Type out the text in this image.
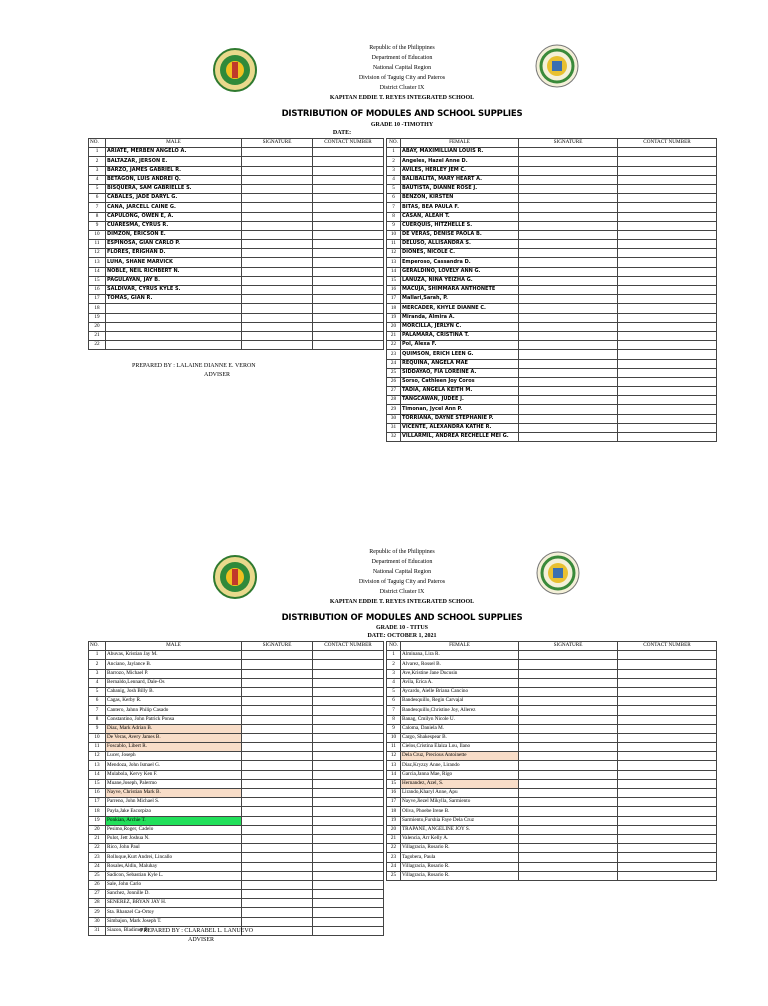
Republic of the Philippines
Department of Education
National Capital Region
Division of Taguig City and Pateros
District Cluster IX
KAPITAN EDDIE T. REYES INTEGRATED SCHOOL
DISTRIBUTION OF MODULES AND SCHOOL SUPPLIES
GRADE 10 -TIMOTHY
DATE:
NO.	MALE	SIGNATURE	CONTACT NUMBER
1	ARIATE, MERBEN ANGELO A.		
2	BALTAZAR, JERSON E.		
3	BARZO, JAMES GABRIEL R.		
4	BETAGON, LUIS ANDREI Q.		
5	BISQUERA, SAM GABRIELLE S.		
6	CABALES, JADE DARYL G.		
7	CANA, JARCELL CAINE G.		
8	CAPULONG, OWEN E, A.		
9	CUARESMA, CYRUS R.		
10	DIMZON, ERICSON E.		
11	ESPINOSA, GIAN CARLO P.		
12	FLORES, ERIGHAN D.		
13	LUHA, SHANE MARVICK		
14	NOBLE, NEIL RICHBERT N.		
15	PAGULAYAN, JAY B.		
16	SALDIVAR, CYRUS KYLE S.		
17	TOMAS, GIAN R.		
18			
19			
20			
21			
22			
NO.	FEMALE	SIGNATURE	CONTACT NUMBER
1	ABAY, MAXIMILLIAN LOUIS R.		
2	Angeles, Hazel Anne D.		
3	AVILES, HERLEY JEM C.		
4	BALIBALITA, MARY HEART A.		
5	BAUTISTA, DIANNE ROSE J.		
6	BENZON, KIRSTEN		
7	BITAS, BEA PAULA F.		
8	CASAN, ALEAH T.		
9	CUERQUIS, HITZHELLE S.		
10	DE VERAS, DENISE PAOLA B.		
11	DELUSO, ALLISANDRA S.		
12	DIONES, NICOLE C.		
13	Emperoso, Cassandra D.		
14	GERALDINO, LOVELY ANN G.		
15	LANUZA, NIÑA YEIZHA G.		
16	MACUJA, SHIMMARA ANTHONETE		
17	Mallari,Sarah, P.		
18	MERCADER, KHYLE DIANNE C.		
19	Miranda, Almira A.		
20	MORCILLA, JERLYN C.		
21	PALAMARA, CRISTINA T.		
22	Pol, Alexa F.		
23	QUIMSON, ERICH LEEN G.		
24	REQUINA, ANGELA MAE		
25	SIDDAYAO, FIA LOREINE A.		
26	Sorso, Cathleen Joy Coros		
27	TADIA, ANGELA KEITH M.		
28	TANGCAWAN, JUDEE J.		
29	Timonan, Jycel Ann P.		
30	TORRIANA, DAYNE STEPHANIE P.		
31	VICENTE, ALEXANDRA KATHE R.		
32	VILLARMIL, ANDREA RECHELLE MEI G.		
PREPARED BY : LALAINE DIANNE E. VERON
ADVISER
Republic of the Philippines
Department of Education
National Capital Region
Division of Taguig City and Pateros
District Cluster IX
KAPITAN EDDIE T. REYES INTEGRATED SCHOOL
DISTRIBUTION OF MODULES AND SCHOOL SUPPLIES
GRADE 10 - TITUS
DATE: OCTOBER 1, 2021
NO.	MALE	SIGNATURE	CONTACT NUMBER
1	Abuvas, Kristian Jay M.		
2	Anciano, Jaylance B.		
3	Barrozo, Michael P.		
4	Bernaldo,Lennard, Dale-Os		
5	Cabanig, Josh Billy B.		
6	Cagas, Kerby R.		
7	Cantero, Jahnn Philip Casado		
8	Constantino, John Patrick Ponsa		
9	Diaz, Mark Adrian B.		
10	De Veras, Avery James B.		
11	Foscablo, Libert R.		
12	Lucer, Joseph		
13	Mendoza, John Ismael G.		
14	Mulabola, Kervy Ken F.		
15	Muane,Joseph, Palermo		
16	Nayve, Christian Mark B.		
17	Parreno, John Michael S.		
18	Payla,Jake Escorpizo		
19	Ponkian, Archie T.		
20	Pesimo,Roger, Cadelo		
21	Pulot, Jett Joshua N.		
22	Rico, John Paul		
23	Rolluque,Kurt Andrei, Lincallo		
24	Rosales,Aldin, Maluhay		
25	Sadicon, Sebastian Kyle L.		
26	Sale, John Carlo		
27	Sanchez, Jonnille D.		
28	SENEREZ, BRYAN JAY H.		
29	Sta. Rhanzel Ca-Ortoy		
30	Simbajon, Mark Joseph T.		
31	Siazon, Bladimer B.		
NO.	FEMALE	SIGNATURE	CONTACT NUMBER
1	Alminana, Lira R.		
2	Alvarez, Rossel B.		
3	Ave,Kristine Jane Ducusin		
4	Avila, Erica A.		
5	Aycardo, Aielle Briana Cancino		
6	Bandesquillo, Regin Carvajal		
7	Bandesquillo,Christine Joy, Allerez		
8	Banag, Cmilyn Nicole U.		
9	Caloma, Daniela M.		
10	Cargo, Shakespear B.		
11	Cielos,Cristina Elaiza Lou, Ilano		
12	Dela Cruz, Precious Antoinette		
13	Diaz,Kryzzy Anne, Lirando		
14	Garcia,Janna Mae, Rigo		
15	Hernandez, Azel, S.		
16	Lirando,Kharyl Anne, Apu		
17	Nayve,Jiezel Mikylla, Sarmiento		
18	Oliva, Phoebe Irene B.		
19	Sarmiento,Furshia Faye Dela Cruz		
20	TRAPANE, ANGELINE JOY S.		
21	Valencia, Arr Kelly A.		
22	Villagracia, Rosario R.		
23	Tagobera, Paula		
24	Villagracia, Rosario R.		
25	Villagracia, Rosario R.		
PREPARED BY : CLARABEL L. LANUEVO
ADVISER
